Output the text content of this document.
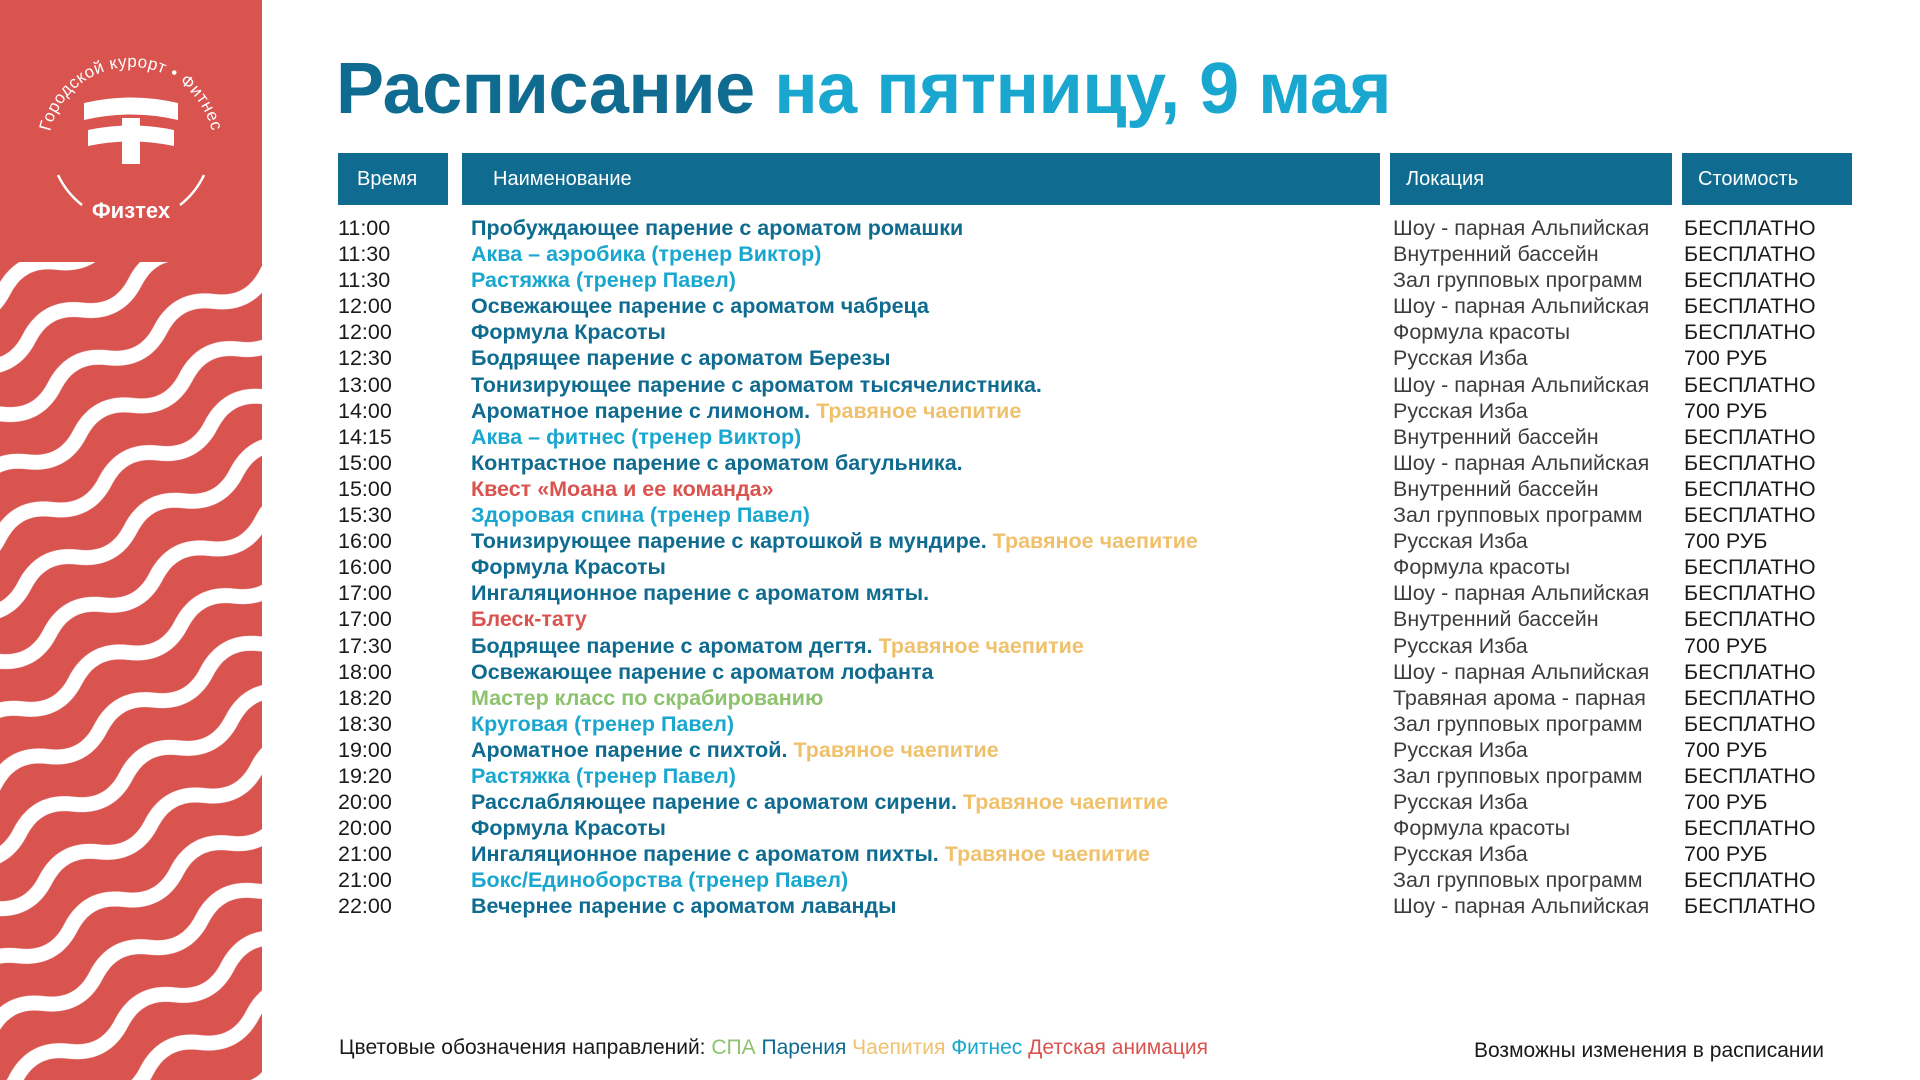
Городской курорт • Фитнес
Физтех
Расписание на пятницу, 9 мая
Время	Наименование	Локация	Стоимость
11:00	Пробуждающее парение с ароматом ромашки	Шоу - парная Альпийская БЕСПЛАТНО
11:30	Аква – аэробика (тренер Виктор)	Внутренний бассейн	БЕСПЛАТНО
11:30	Растяжка (тренер Павел)	Зал групповых программ БЕСПЛАТНО
12:00	Освежающее парение с ароматом чабреца	Шоу - парная Альпийская БЕСПЛАТНО
12:00	Формула Красоты	Формула красоты	БЕСПЛАТНО
12:30	Бодрящее парение с ароматом Березы	Русская Изба	700 РУБ
13:00	Тонизирующее парение с ароматом тысячелистника.	Шоу - парная Альпийская БЕСПЛАТНО
14:00	Ароматное парение с лимоном. Травяное чаепитие	Русская Изба	700 РУБ
14:15	Аква – фитнес (тренер Виктор)	Внутренний бассейн	БЕСПЛАТНО
15:00	Контрастное парение с ароматом багульника.	Шоу - парная Альпийская БЕСПЛАТНО
15:00	Квест «Моана и ее команда»	Внутренний бассейн	БЕСПЛАТНО
15:30	Здоровая спина (тренер Павел)	Зал групповых программ БЕСПЛАТНО
16:00	Тонизирующее парение с картошкой в мундире. Травяное чаепитие	Русская Изба	700 РУБ
16:00	Формула Красоты	Формула красоты	БЕСПЛАТНО
17:00	Ингаляционное парение с ароматом мяты.	Шоу - парная Альпийская БЕСПЛАТНО
17:00	Блеск-тату	Внутренний бассейн	БЕСПЛАТНО
17:30	Бодрящее парение с ароматом дегтя. Травяное чаепитие	Русская Изба	700 РУБ
18:00	Освежающее парение с ароматом лофанта	Шоу - парная Альпийская БЕСПЛАТНО
18:20	Мастер класс по скрабированию	Травяная арома - парная БЕСПЛАТНО
18:30	Круговая (тренер Павел)	Зал групповых программ БЕСПЛАТНО
19:00	Ароматное парение с пихтой. Травяное чаепитие	Русская Изба	700 РУБ
19:20	Растяжка (тренер Павел)	Зал групповых программ БЕСПЛАТНО
20:00	Расслабляющее парение с ароматом сирени. Травяное чаепитие	Русская Изба	700 РУБ
20:00	Формула Красоты	Формула красоты	БЕСПЛАТНО
21:00	Ингаляционное парение с ароматом пихты. Травяное чаепитие	Русская Изба	700 РУБ
21:00	Бокс/Единоборства (тренер Павел)	Зал групповых программ БЕСПЛАТНО
22:00	Вечернее парение с ароматом лаванды	Шоу - парная Альпийская БЕСПЛАТНО
Цветовые обозначения направлений: СПА Парения Чаепития Фитнес Детская анимация	Возможны изменения в расписании
